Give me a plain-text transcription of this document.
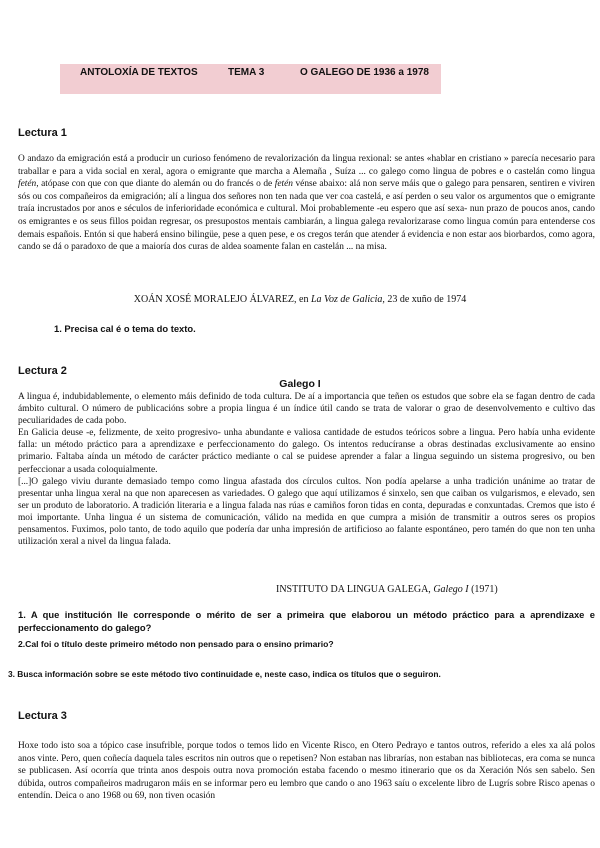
ANTOLOXÍA DE TEXTOS	TEMA 3	O GALEGO DE 1936 a 1978
Lectura 1
O andazo da emigración está a producir un curioso fenómeno de revalorización da lingua rexional: se antes «hablar en cristiano » parecía necesario para traballar e para a vida social en xeral, agora o emigrante que marcha a Alemaña , Suíza ... co galego como lingua de pobres e o castelán como lingua fetén, atópase con que con que diante do alemán ou do francés o de fetén vénse abaixo: alá non serve máis que o galego para pensaren, sentiren e viviren sós ou cos compañeiros da emigración; alí a lingua dos señores non ten nada que ver coa castelá, e así perden o seu valor os argumentos que o emigrante traía incrustados por anos e séculos de inferioridade económica e cultural. Moi probablemente -eu espero que así sexa- nun prazo de poucos anos, cando os emigrantes e os seus fillos poidan regresar, os presupostos mentais cambiarán, a lingua galega revalorizarase como lingua común para entenderse cos demais españois. Entón si que haberá ensino bilingüe, pese a quen pese, e os cregos terán que atender á evidencia e non estar aos biorbardos, como agora, cando se dá o paradoxo de que a maioría dos curas de aldea soamente falan en castelán ... na misa.
XOÁN XOSÉ MORALEJO ÁLVAREZ, en La Voz de Galicia, 23 de xuño de 1974
1. Precisa cal é o tema do texto.
Lectura 2
Galego I

A lingua é, indubidablemente, o elemento máis definido de toda cultura. De aí a importancia que teñen os estudos que sobre ela se fagan dentro de cada ámbito cultural. O número de publicacións sobre a propia lingua é un índice útil cando se trata de valorar o grao de desenvolvemento e cultivo das peculiaridades de cada pobo.

En Galicia deuse -e, felizmente, de xeito progresivo- unha abundante e valiosa cantidade de estudos teóricos sobre a lingua. Pero había unha evidente falla: un método práctico para a aprendizaxe e perfeccionamento do galego. Os intentos reducíranse a obras destinadas exclusivamente ao ensino primario. Faltaba aínda un método de carácter práctico mediante o cal se puidese aprender a falar a lingua seguindo un sistema progresivo, ou ben perfeccionar a usada coloquialmente.

[...]O galego viviu durante demasiado tempo como lingua afastada dos círculos cultos. Non podía apelarse a unha tradición unánime ao tratar de presentar unha lingua xeral na que non aparecesen as variedades. O galego que aquí utilizamos é sinxelo, sen que caiban os vulgarismos, e elevado, sen ser un produto de laboratorio. A tradición literaria e a lingua falada nas rúas e camiños foron tidas en conta, depuradas e conxuntadas. Cremos que isto é moi importante. Unha lingua é un sistema de comunicación, válido na medida en que cumpra a misión de transmitir a outros seres os propios pensamentos. Fuximos, polo tanto, de todo aquilo que podería dar unha impresión de artificioso ao falante espontáneo, pero tamén do que non ten unha utilización xeral a nivel da lingua falada.

INSTITUTO DA LINGUA GALEGA, Galego I (1971)
1. A que institución lle corresponde o mérito de ser a primeira que elaborou un método práctico para a aprendizaxe e perfeccionamento do galego?
2.Cal foi o título deste primeiro método non pensado para o ensino primario?
3. Busca información sobre se este método tivo continuidade e, neste caso, indica os títulos que o seguiron.
Lectura 3
Hoxe todo isto soa a tópico case insufrible, porque todos o temos lido en Vicente Risco, en Otero Pedrayo e tantos outros, referido a eles xa alá polos anos vinte. Pero, quen coñecía daquela tales escritos nin outros que o repetisen? Non estaban nas librarías, non estaban nas bibliotecas, era coma se nunca se publicasen. Así ocorría que trinta anos despois outra nova promoción estaba facendo o mesmo itinerario que os da Xeración Nós sen sabelo. Sen dúbida, outros compañeiros madrugaron máis en se informar pero eu lembro que cando o ano 1963 saíu o excelente libro de Lugrís sobre Risco apenas o entendín. Deica o ano 1968 ou 69, non tiven ocasión
